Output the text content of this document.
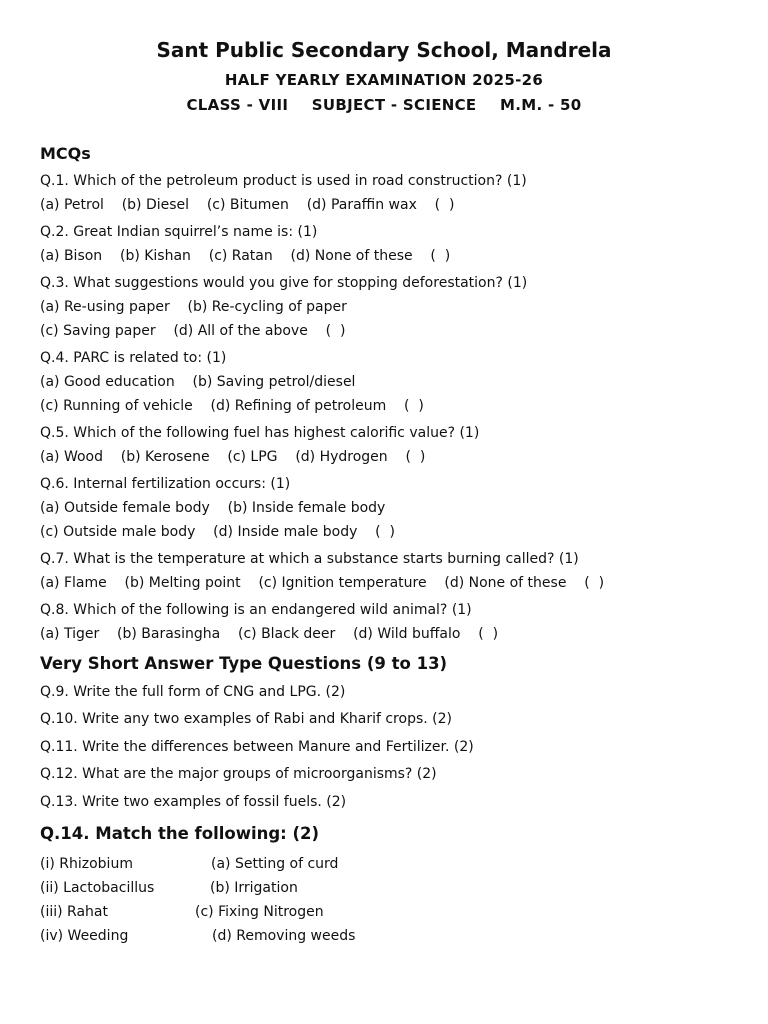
Sant Public Secondary School, Mandrela
HALF YEARLY EXAMINATION 2025-26
CLASS - VIII SUBJECT - SCIENCE M.M. - 50
MCQs
Q.1. Which of the petroleum product is used in road construction? (1)
(a) Petrol    (b) Diesel    (c) Bitumen    (d) Paraffin wax    (  )
Q.2. Great Indian squirrel’s name is: (1)
(a) Bison    (b) Kishan    (c) Ratan    (d) None of these    (  )
Q.3. What suggestions would you give for stopping deforestation? (1)
(a) Re-using paper    (b) Re-cycling of paper
(c) Saving paper    (d) All of the above    (  )
Q.4. PARC is related to: (1)
(a) Good education    (b) Saving petrol/diesel
(c) Running of vehicle    (d) Refining of petroleum    (  )
Q.5. Which of the following fuel has highest calorific value? (1)
(a) Wood    (b) Kerosene    (c) LPG    (d) Hydrogen    (  )
Q.6. Internal fertilization occurs: (1)
(a) Outside female body    (b) Inside female body
(c) Outside male body    (d) Inside male body    (  )
Q.7. What is the temperature at which a substance starts burning called? (1)
(a) Flame    (b) Melting point    (c) Ignition temperature    (d) None of these    (  )
Q.8. Which of the following is an endangered wild animal? (1)
(a) Tiger    (b) Barasingha    (c) Black deer    (d) Wild buffalo    (  )
Very Short Answer Type Questions (9 to 13)
Q.9. Write the full form of CNG and LPG. (2)
Q.10. Write any two examples of Rabi and Kharif crops. (2)
Q.11. Write the differences between Manure and Fertilizer. (2)
Q.12. What are the major groups of microorganisms? (2)
Q.13. Write two examples of fossil fuels. (2)
Q.14. Match the following: (2)
(i) Rhizobium	(a) Setting of curd
(ii) Lactobacillus	(b) Irrigation
(iii) Rahat	(c) Fixing Nitrogen
(iv) Weeding	(d) Removing weeds
